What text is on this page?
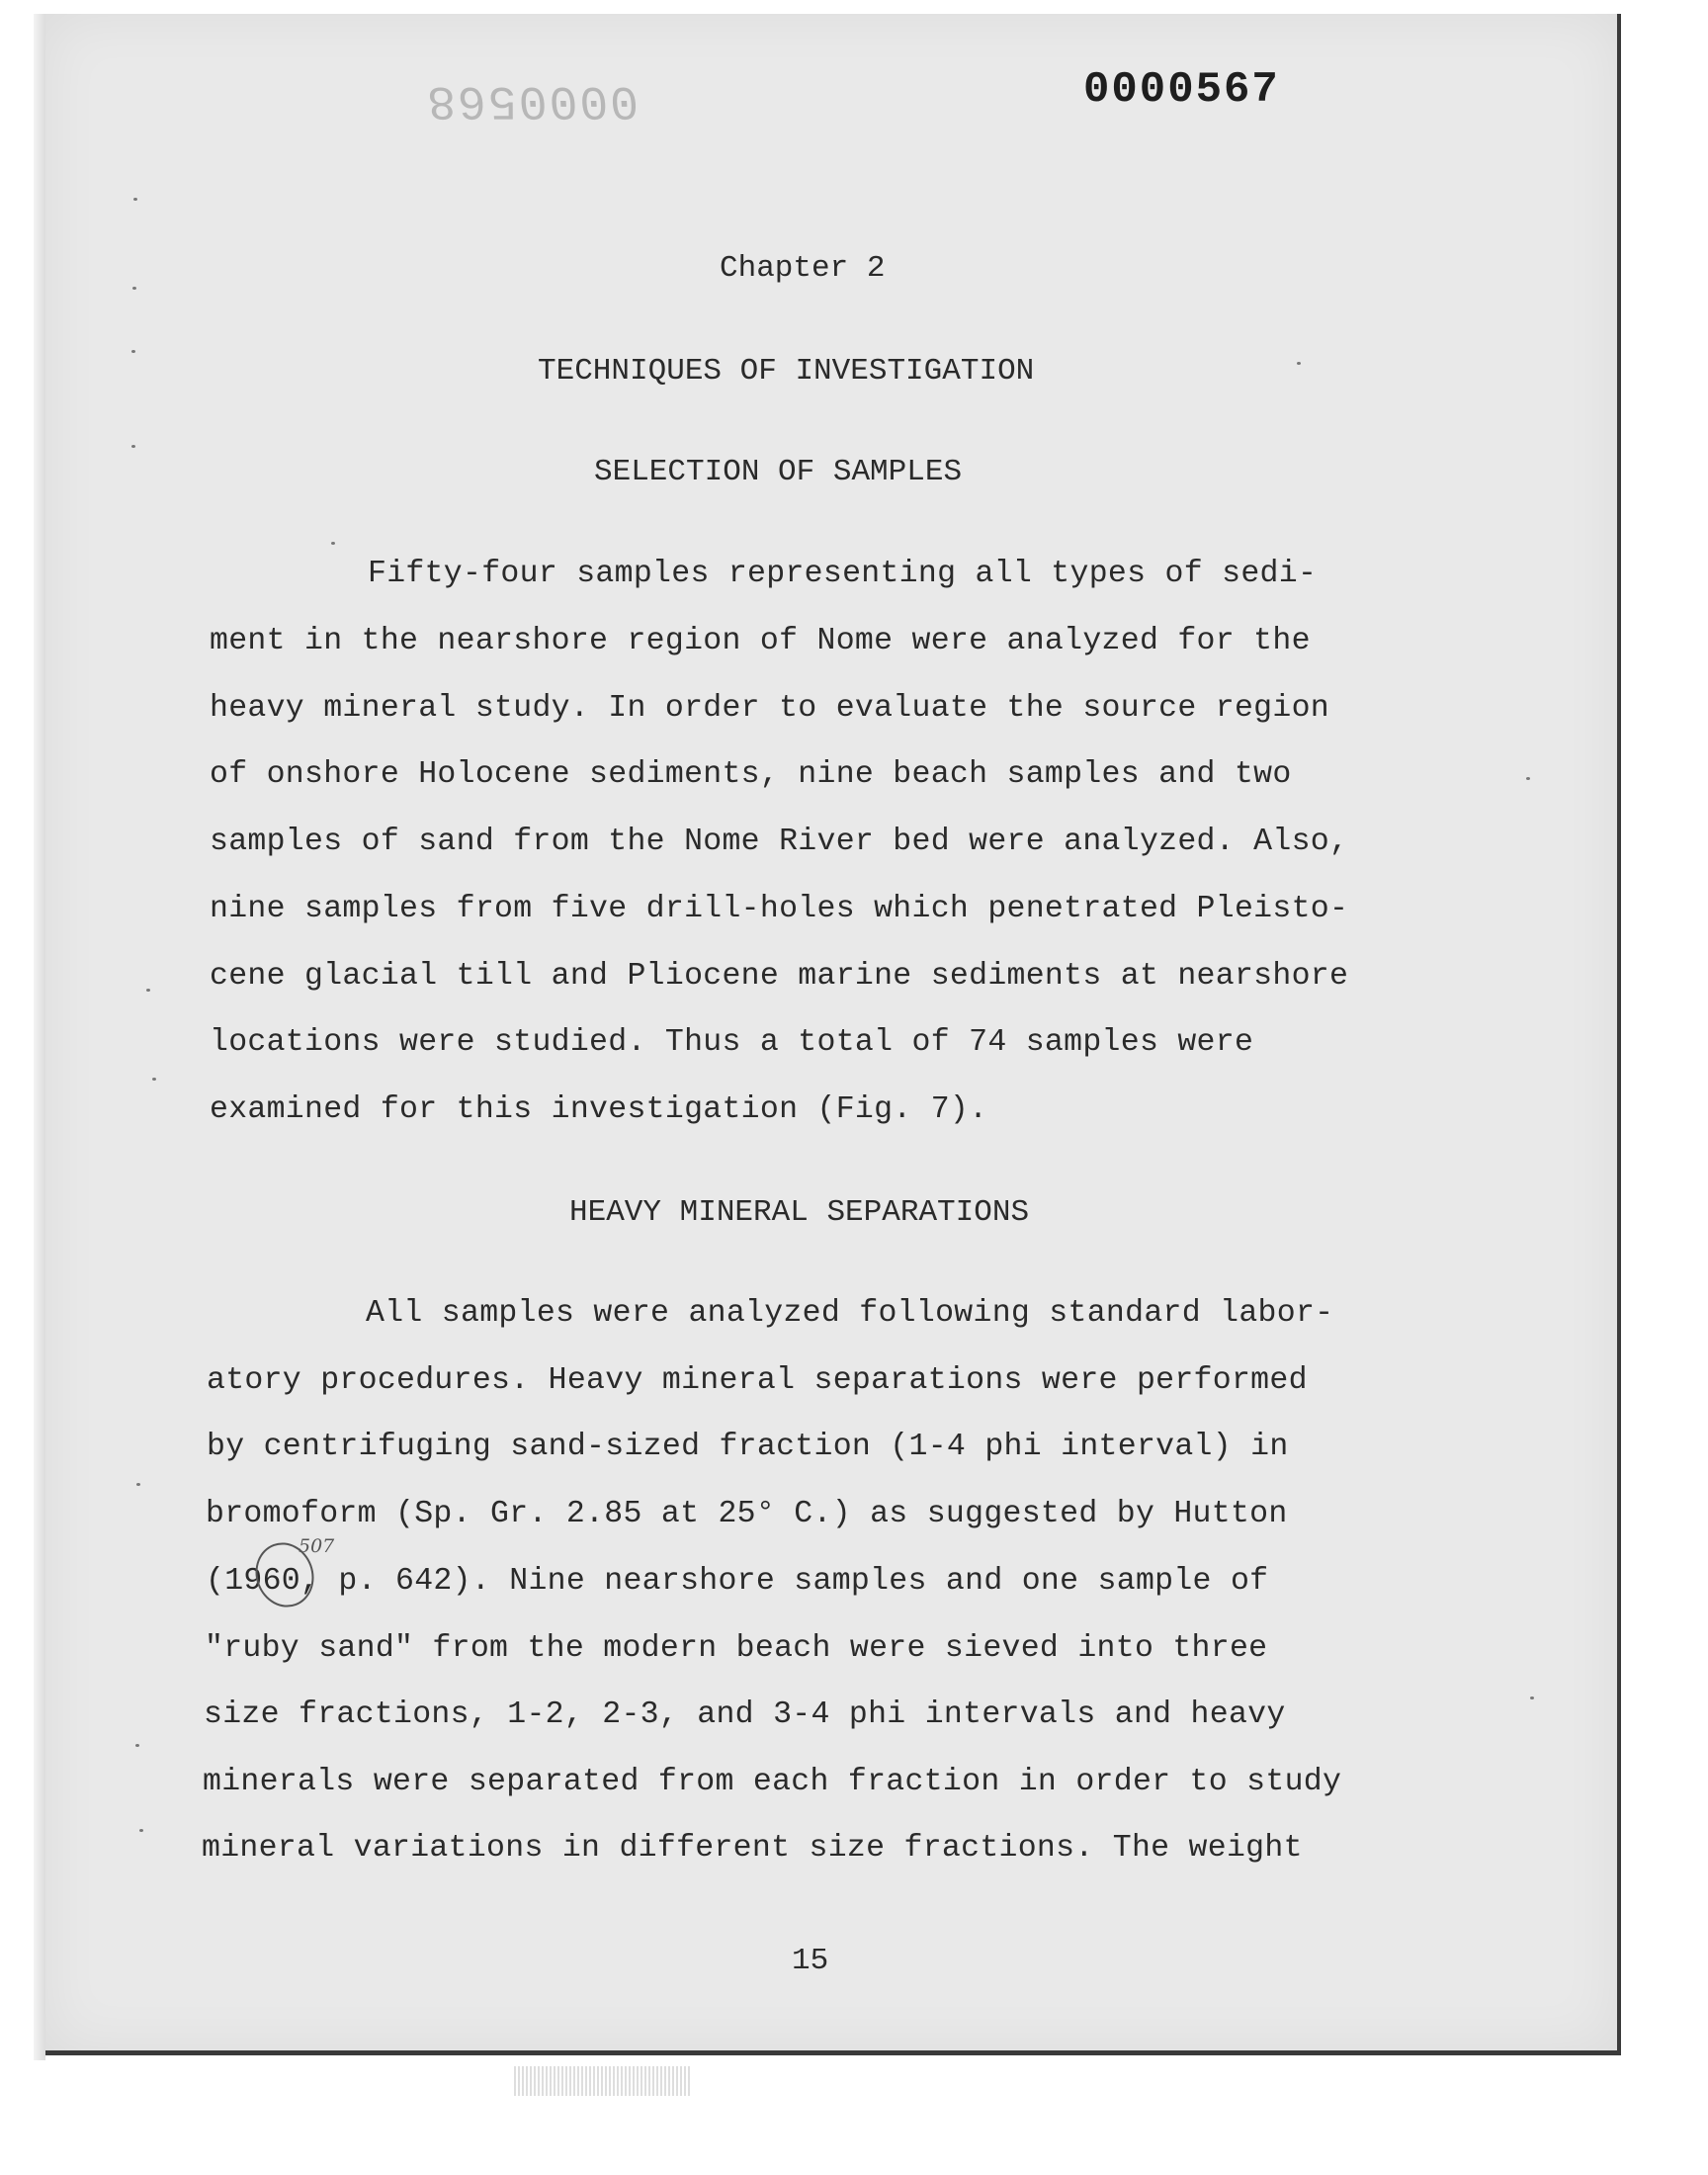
0000568	0000567
Chapter 2
TECHNIQUES OF INVESTIGATION
SELECTION OF SAMPLES
Fifty-four samples representing all types of sedi-
ment in the nearshore region of Nome were analyzed for the
heavy mineral study. In order to evaluate the source region
of onshore Holocene sediments, nine beach samples and two
samples of sand from the Nome River bed were analyzed. Also,
nine samples from five drill-holes which penetrated Pleisto-
cene glacial till and Pliocene marine sediments at nearshore
locations were studied. Thus a total of 74 samples were
examined for this investigation (Fig. 7).
HEAVY MINERAL SEPARATIONS
All samples were analyzed following standard labor-
atory procedures. Heavy mineral separations were performed
by centrifuging sand-sized fraction (1-4 phi interval) in
bromoform (Sp. Gr. 2.85 at 25° C.) as suggested by Hutton
(1960, p. 642). Nine nearshore samples and one sample of
"ruby sand" from the modern beach were sieved into three
size fractions, 1-2, 2-3, and 3-4 phi intervals and heavy
minerals were separated from each fraction in order to study
mineral variations in different size fractions. The weight
507
15
